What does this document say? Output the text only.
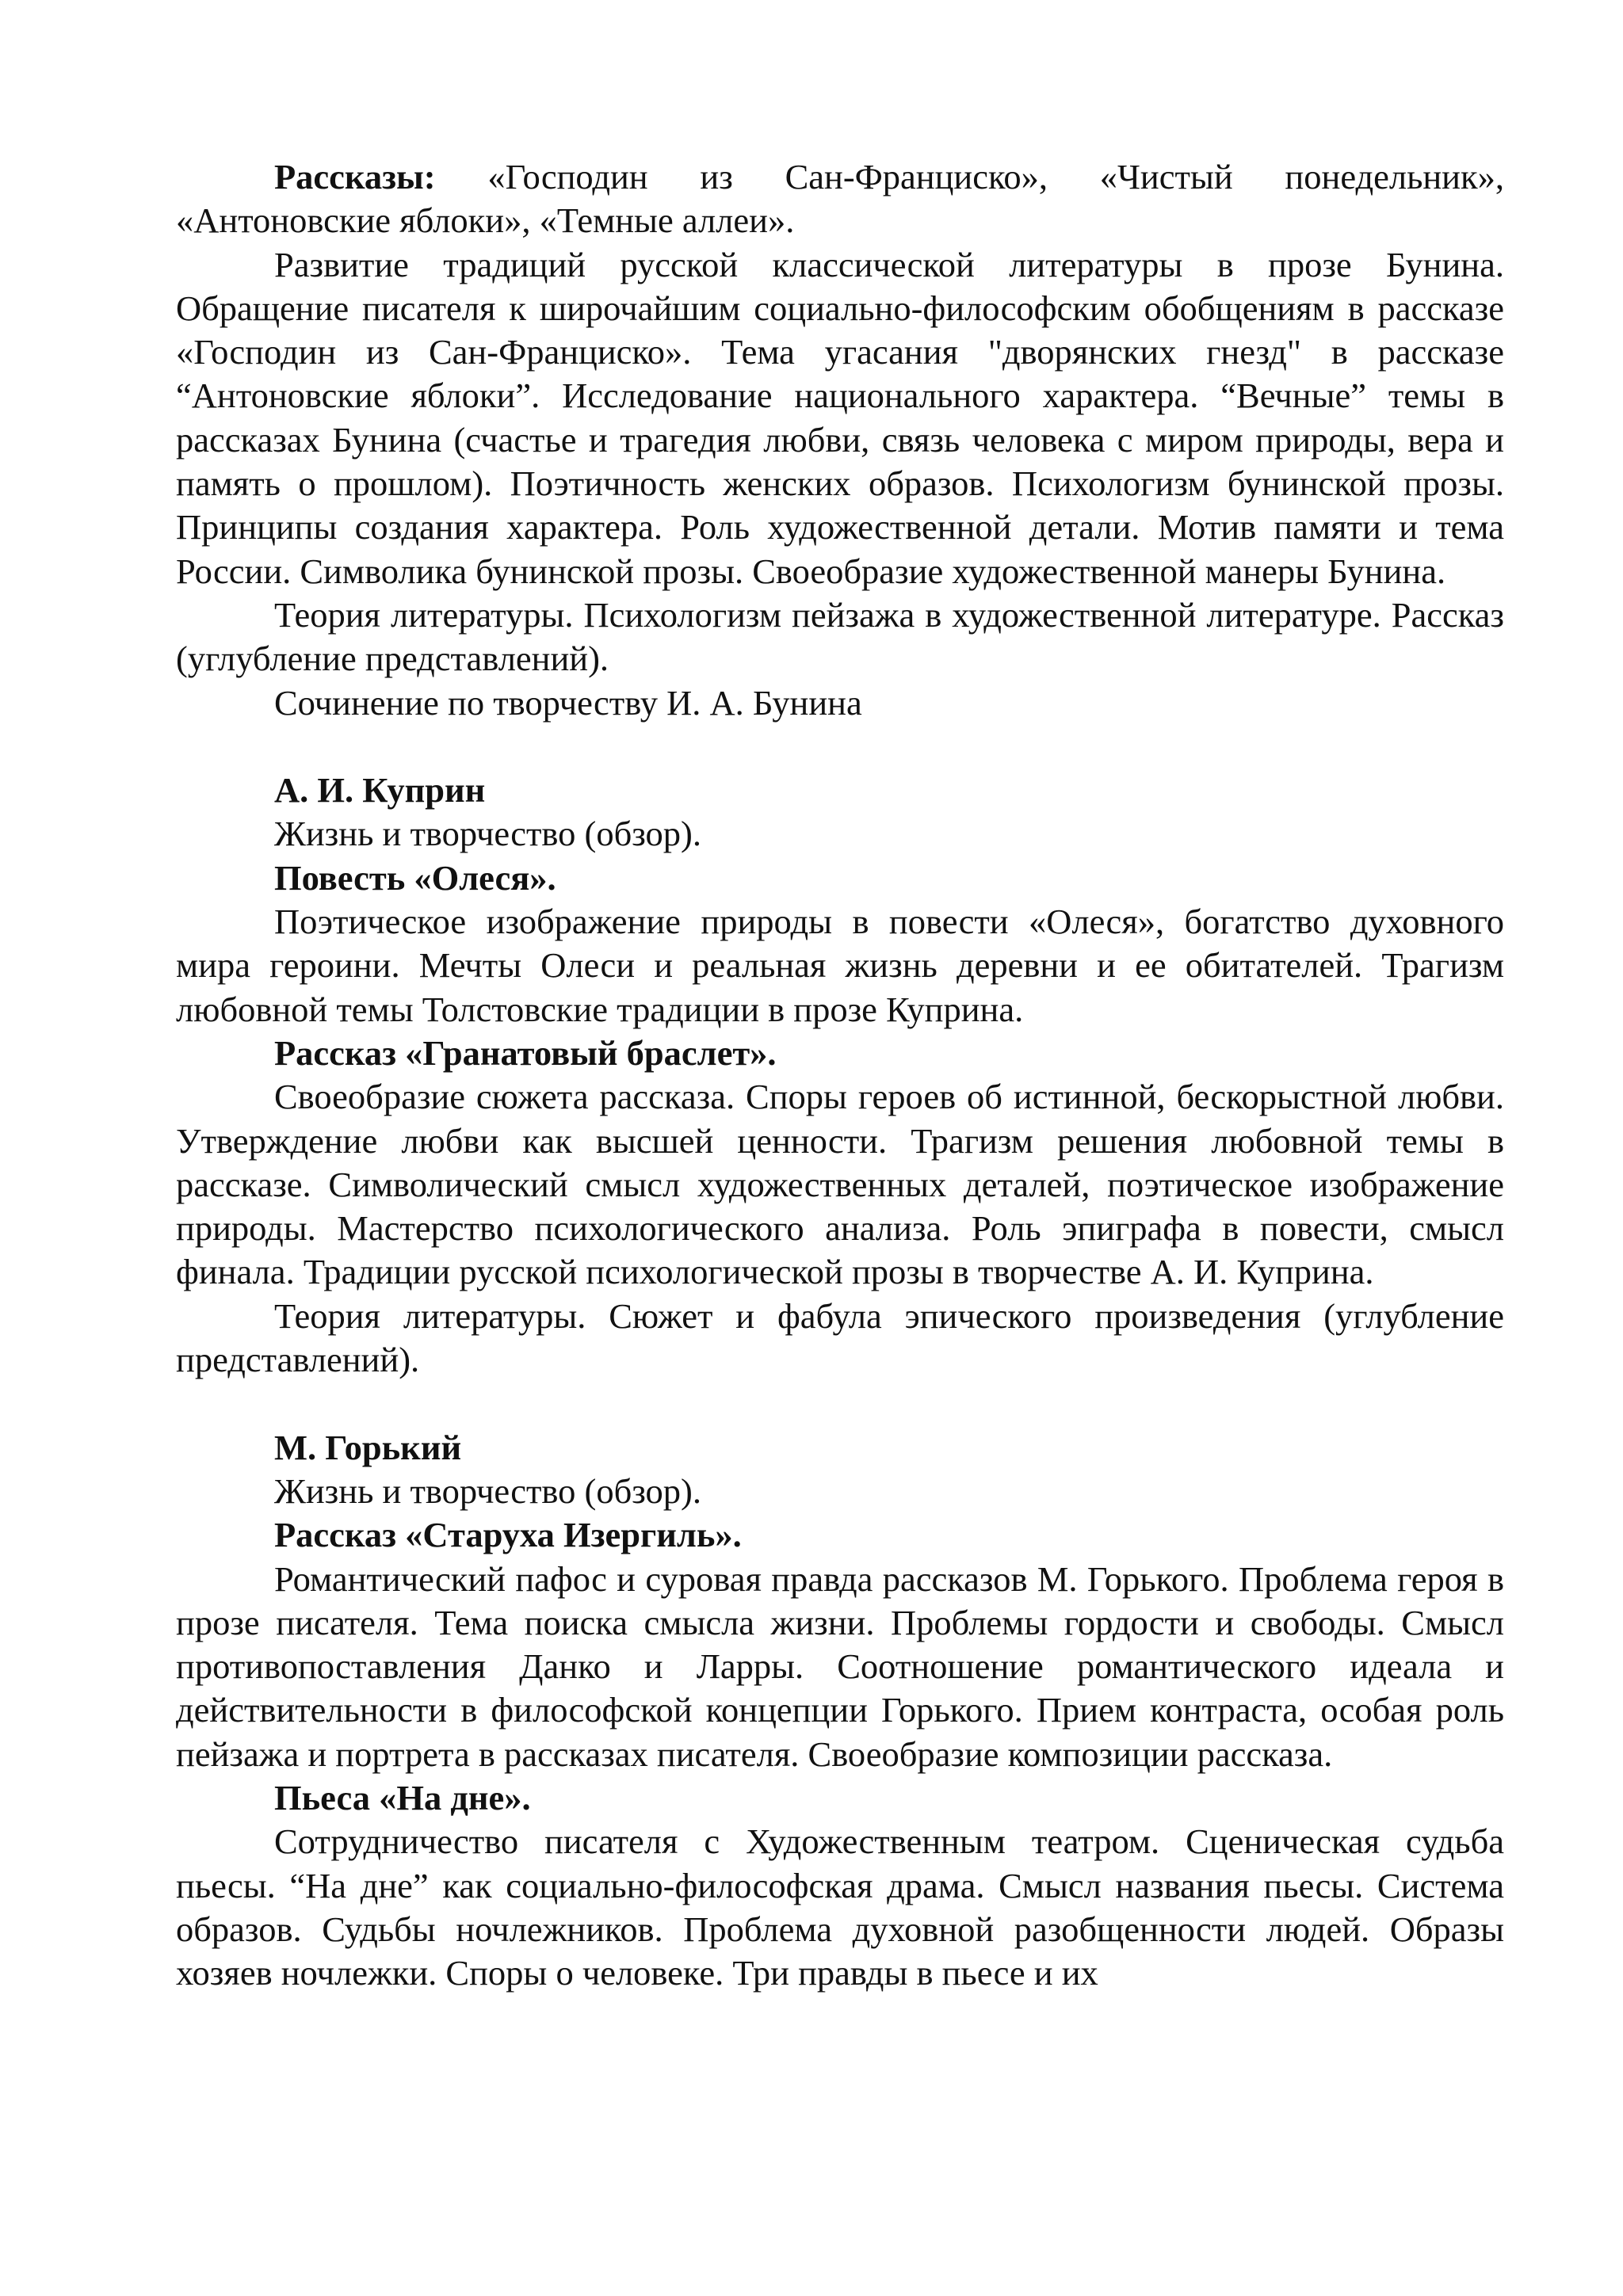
Рассказы: «Господин из Сан-Франциско», «Чистый понедельник», «Антоновские яблоки», «Темные аллеи».

Развитие традиций русской классической литературы в прозе Бунина. Обращение писателя к широчайшим социально-философским обобщениям в рассказе «Господин из Сан-Франциско». Тема угасания "дворянских гнезд" в рассказе “Антоновские яблоки”. Исследование национального характера. “Вечные” темы в рассказах Бунина (счастье и трагедия любви, связь человека с миром природы, вера и память о прошлом). Поэтичность женских образов. Психологизм бунинской прозы. Принципы создания характера. Роль художественной детали. Мотив памяти и тема России. Символика бунинской прозы. Своеобразие художественной манеры Бунина.

Теория литературы. Психологизм пейзажа в художественной литературе. Рассказ (углубление представлений).

Сочинение по творчеству И. А. Бунина

А. И. Куприн

Жизнь и творчество (обзор).

Повесть «Олеся».

Поэтическое изображение природы в повести «Олеся», богатство духовного мира героини. Мечты Олеси и реальная жизнь деревни и ее обитателей. Трагизм любовной темы Толстовские традиции в прозе Куприна.

Рассказ «Гранатовый браслет».

Своеобразие сюжета рассказа. Споры героев об истинной, бескорыстной любви. Утверждение любви как высшей ценности. Трагизм решения любовной темы в рассказе. Символический смысл художественных деталей, поэтическое изображение природы. Мастерство психологического анализа. Роль эпиграфа в повести, смысл финала. Традиции русской психологической прозы в творчестве А. И. Куприна.

Теория литературы. Сюжет и фабула эпического произведения (углубление представлений).

М. Горький

Жизнь и творчество (обзор).

Рассказ «Старуха Изергиль».

Романтический пафос и суровая правда рассказов М. Горького. Проблема героя в прозе писателя. Тема поиска смысла жизни. Проблемы гордости и свободы. Смысл противопоставления Данко и Ларры. Соотношение романтического идеала и действительности в философской концепции Горького. Прием контраста, особая роль пейзажа и портрета в рассказах писателя. Своеобразие композиции рассказа.

Пьеса «На дне».

Сотрудничество писателя с Художественным театром. Сценическая судьба пьесы. “На дне” как социально-философская драма. Смысл названия пьесы. Система образов. Судьбы ночлежников. Проблема духовной разобщенности людей. Образы хозяев ночлежки. Споры о человеке. Три правды в пьесе и их
